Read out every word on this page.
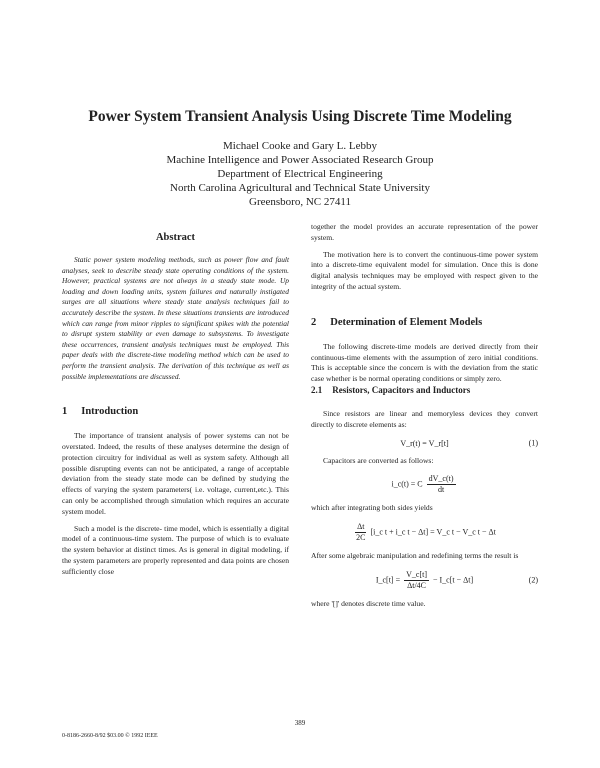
Power System Transient Analysis Using Discrete Time Modeling
Michael Cooke and Gary L. Lebby
Machine Intelligence and Power Associated Research Group
Department of Electrical Engineering
North Carolina Agricultural and Technical State University
Greensboro, NC 27411
Abstract

Static power system modeling methods, such as power flow and fault analyses, seek to describe steady state operating conditions of the system. However, practical systems are not always in a steady state mode. Up loading and down loading units, system failures and naturally instigated surges are all situations where steady state analysis techniques fail to accurately describe the system. In these situations transients are introduced which can range from minor ripples to significant spikes with the potential to disrupt system stability or even damage to subsystems. To investigate these occurrences, transient analysis techniques must be employed. This paper deals with the discrete-time modeling method which can be used to perform the transient analysis. The derivation of this technique as well as possible implementations are discussed.

1 Introduction

The importance of transient analysis of power systems can not be overstated. Indeed, the results of these analyses determine the design of protection circuitry for individual as well as system safety. Although all possible disrupting events can not be anticipated, a range of acceptable deviation from the steady state mode can be defined by studying the effects of varying the system parameters( i.e. voltage, current,etc.). This can only be accomplished through simulation which requires an accurate system model.

Such a model is the discrete- time model, which is essentially a digital model of a continuous-time system. The purpose of which is to evaluate the system behavior at distinct times. As is general in digital modeling, if the system parameters are properly represented and data points are chosen sufficiently close

together the model provides an accurate representation of the power system.

The motivation here is to convert the continuous-time power system into a discrete-time equivalent model for simulation. Once this is done digital analysis techniques may be employed with respect given to the integrity of the actual system.

2 Determination of Element Models

The following discrete-time models are derived directly from their continuous-time elements with the assumption of zero initial conditions. This is acceptable since the concern is with the deviation from the static case whether is be normal operating conditions or simply zero.

2.1 Resistors, Capacitors and Inductors

Since resistors are linear and memoryless devices they convert directly to discrete elements as:

V_r(t) = V_r[t]	(1)

Capacitors are converted as follows:

i_c(t) = C $\frac{dV\_c(t)}{dt}$

which after integrating both sides yields

$\frac{\Delta t}{2C}$ [i_c t + i_c t − Δt] = V_c t − V_c t − Δt

After some algebraic manipulation and redefining terms the result is

I_c[t] = $\frac{V\_c[t]}{\Delta t/4C}$ − I_c[t − Δt]	(2)

where '[]' denotes discrete time value.

389
0-8186-2660-8/92 $03.00 © 1992 IEEE
